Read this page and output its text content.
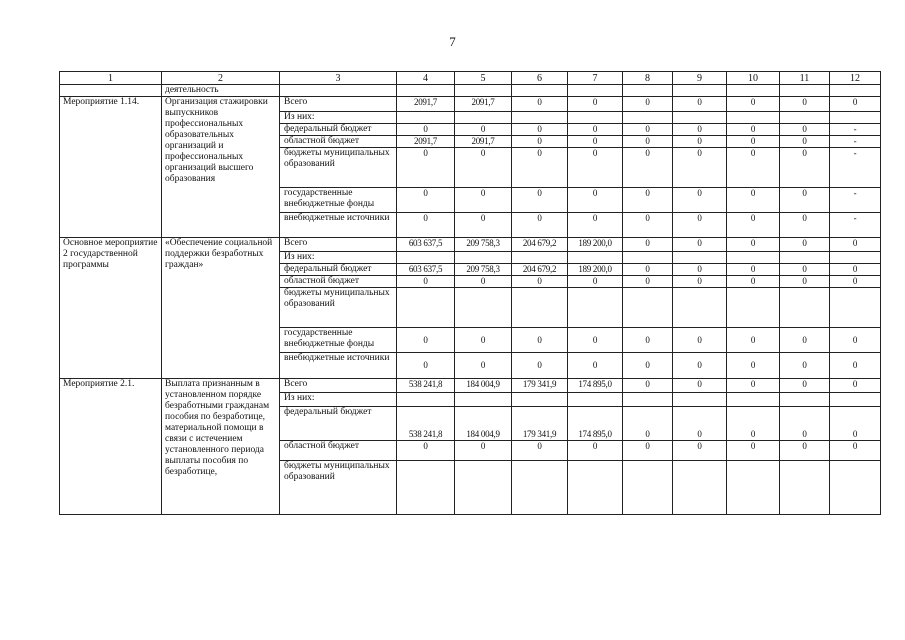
7
1	2	3	4	5	6	7	8	9	10	11	12
	деятельность										
Мероприятие 1.14.	Организация стажировки выпускников профессиональных образовательных организаций и профессиональных организаций высшего образования	Всего	2091,7	2091,7	0	0	0	0	0	0	0
		Из них:									
		федеральный бюджет	0	0	0	0	0	0	0	0	-
		областной бюджет	2091,7	2091,7	0	0	0	0	0	0	-
		бюджеты муниципальных образований	0	0	0	0	0	0	0	0	-
		государственные внебюджетные фонды	0	0	0	0	0	0	0	0	-
		внебюджетные источники	0	0	0	0	0	0	0	0	-
Основное мероприятие 2 государственной программы	«Обеспечение социальной поддержки безработных граждан»	Всего	603 637,5	209 758,3	204 679,2	189 200,0	0	0	0	0	0
		Из них:									
		федеральный бюджет	603 637,5	209 758,3	204 679,2	189 200,0	0	0	0	0	0
		областной бюджет	0	0	0	0	0	0	0	0	0
		бюджеты муниципальных образований									
		государственные внебюджетные фонды	0	0	0	0	0	0	0	0	0
		внебюджетные источники	0	0	0	0	0	0	0	0	0
Мероприятие 2.1.	Выплата признанным в установленном порядке безработными гражданам пособия по безработице, материальной помощи в связи с истечением установленного периода выплаты пособия по безработице,	Всего	538 241,8	184 004,9	179 341,9	174 895,0	0	0	0	0	0
		Из них:									
		федеральный бюджет	538 241,8	184 004,9	179 341,9	174 895,0	0	0	0	0	0
		областной бюджет	0	0	0	0	0	0	0	0	0
		бюджеты муниципальных образований									
